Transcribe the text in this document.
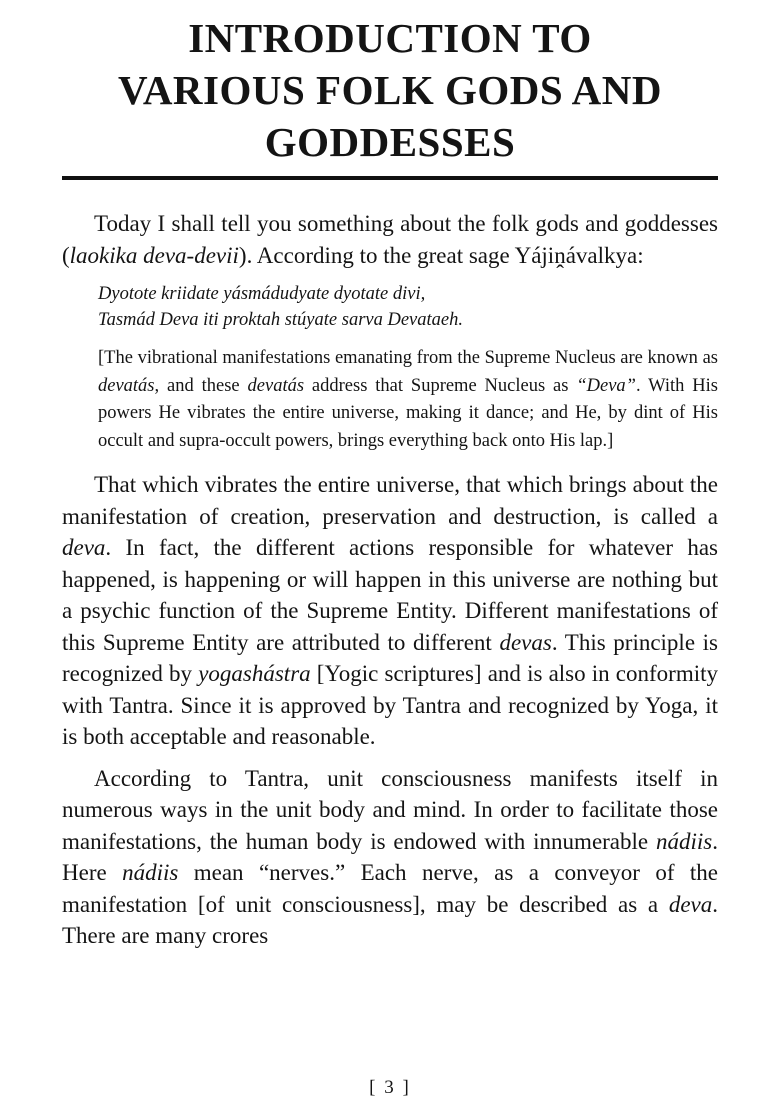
INTRODUCTION TO
VARIOUS FOLK GODS AND
GODDESSES

Today I shall tell you something about the folk gods and goddesses (laokika deva-devii). According to the great sage Yájiṋávalkya:

Dyotote kriidate yásmádudyate dyotate divi,
Tasmád Deva iti proktah stúyate sarva Devataeh.

[The vibrational manifestations emanating from the Supreme Nucleus are known as devatás, and these devatás address that Supreme Nucleus as “Deva”. With His powers He vibrates the entire universe, making it dance; and He, by dint of His occult and supra-occult powers, brings everything back onto His lap.]

That which vibrates the entire universe, that which brings about the manifestation of creation, preservation and destruction, is called a deva. In fact, the different actions responsible for whatever has happened, is happening or will happen in this universe are nothing but a psychic function of the Supreme Entity. Different manifestations of this Supreme Entity are attributed to different devas. This principle is recognized by yogashástra [Yogic scriptures] and is also in conformity with Tantra. Since it is approved by Tantra and recognized by Yoga, it is both acceptable and reasonable.

According to Tantra, unit consciousness manifests itself in numerous ways in the unit body and mind. In order to facilitate those manifestations, the human body is endowed with innumerable nádiis. Here nádiis mean “nerves.” Each nerve, as a conveyor of the manifestation [of unit consciousness], may be described as a deva. There are many crores

[ 3 ]
